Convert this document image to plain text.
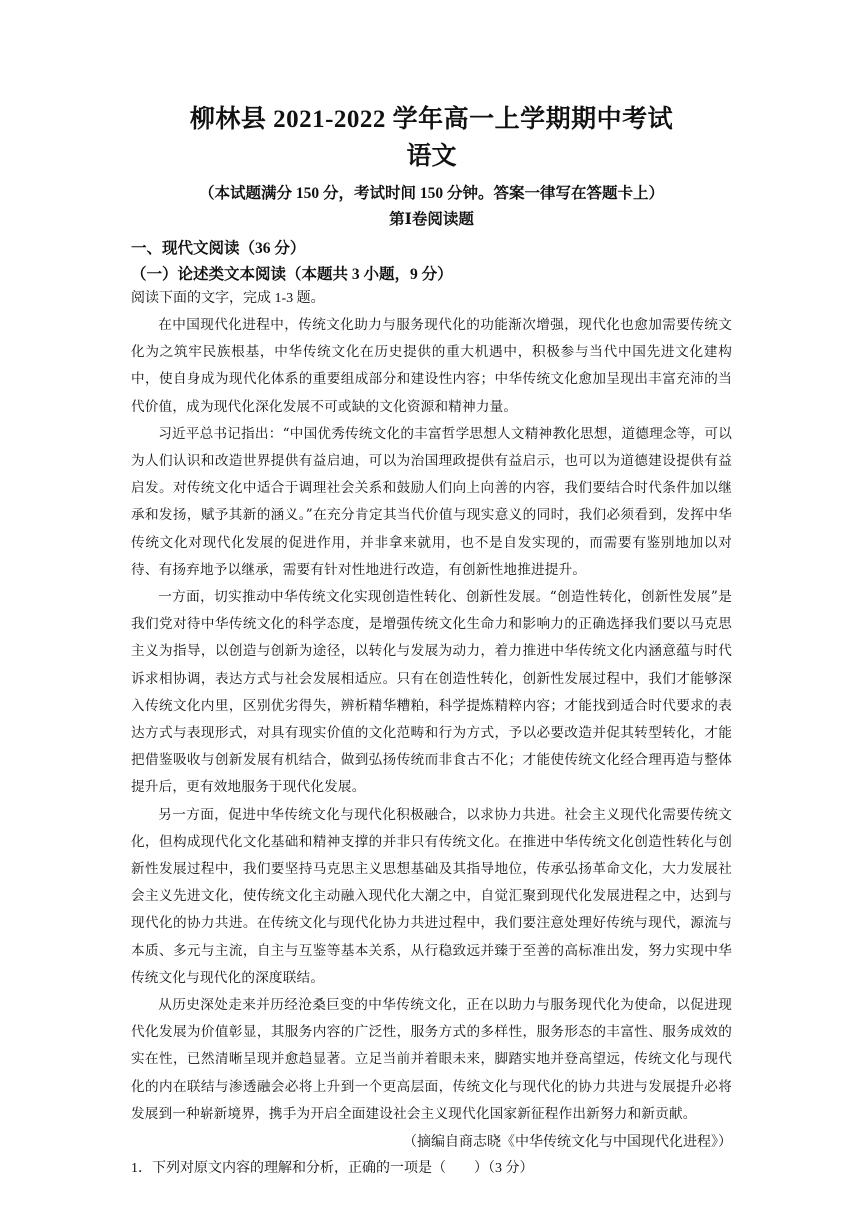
柳林县 2021-2022 学年高一上学期期中考试
语文
（本试题满分 150 分，考试时间 150 分钟。答案一律写在答题卡上）
第Ⅰ卷阅读题
一、现代文阅读（36 分）
（一）论述类文本阅读（本题共 3 小题，9 分）
阅读下面的文字，完成 1-3 题。

在中国现代化进程中，传统文化助力与服务现代化的功能渐次增强，现代化也愈加需要传统文化为之筑牢民族根基，中华传统文化在历史提供的重大机遇中，积极参与当代中国先进文化建构中，使自身成为现代化体系的重要组成部分和建设性内容；中华传统文化愈加呈现出丰富充沛的当代价值，成为现代化深化发展不可或缺的文化资源和精神力量。

习近平总书记指出：“中国优秀传统文化的丰富哲学思想人文精神教化思想，道德理念等，可以为人们认识和改造世界提供有益启迪，可以为治国理政提供有益启示，也可以为道德建设提供有益启发。对传统文化中适合于调理社会关系和鼓励人们向上向善的内容，我们要结合时代条件加以继承和发扬，赋予其新的涵义。”在充分肯定其当代价值与现实意义的同时，我们必须看到，发挥中华传统文化对现代化发展的促进作用，并非拿来就用，也不是自发实现的，而需要有鉴别地加以对待、有扬弃地予以继承，需要有针对性地进行改造，有创新性地推进提升。

一方面，切实推动中华传统文化实现创造性转化、创新性发展。“创造性转化，创新性发展”是我们党对待中华传统文化的科学态度，是增强传统文化生命力和影响力的正确选择我们要以马克思主义为指导，以创造与创新为途径，以转化与发展为动力，着力推进中华传统文化内涵意蕴与时代诉求相协调，表达方式与社会发展相适应。只有在创造性转化，创新性发展过程中，我们才能够深入传统文化内里，区别优劣得失，辨析精华糟粕，科学提炼精粹内容；才能找到适合时代要求的表达方式与表现形式，对具有现实价值的文化范畴和行为方式，予以必要改造并促其转型转化，才能把借鉴吸收与创新发展有机结合，做到弘扬传统而非食古不化；才能使传统文化经合理再造与整体提升后，更有效地服务于现代化发展。

另一方面，促进中华传统文化与现代化积极融合，以求协力共进。社会主义现代化需要传统文化，但构成现代化文化基础和精神支撑的并非只有传统文化。在推进中华传统文化创造性转化与创新性发展过程中，我们要坚持马克思主义思想基础及其指导地位，传承弘扬革命文化，大力发展社会主义先进文化，使传统文化主动融入现代化大潮之中，自觉汇聚到现代化发展进程之中，达到与现代化的协力共进。在传统文化与现代化协力共进过程中，我们要注意处理好传统与现代，源流与本质、多元与主流，自主与互鉴等基本关系，从行稳致远并臻于至善的高标准出发，努力实现中华传统文化与现代化的深度联结。

从历史深处走来并历经沧桑巨变的中华传统文化，正在以助力与服务现代化为使命，以促进现代化发展为价值彰显，其服务内容的广泛性，服务方式的多样性，服务形态的丰富性、服务成效的实在性，已然清晰呈现并愈趋显著。立足当前并着眼未来，脚踏实地并登高望远，传统文化与现代化的内在联结与渗透融会必将上升到一个更高层面，传统文化与现代化的协力共进与发展提升必将发展到一种崭新境界，携手为开启全面建设社会主义现代化国家新征程作出新努力和新贡献。

（摘编自商志晓《中华传统文化与中国现代化进程》）
1．下列对原文内容的理解和分析，正确的一项是（　　）（3 分）
